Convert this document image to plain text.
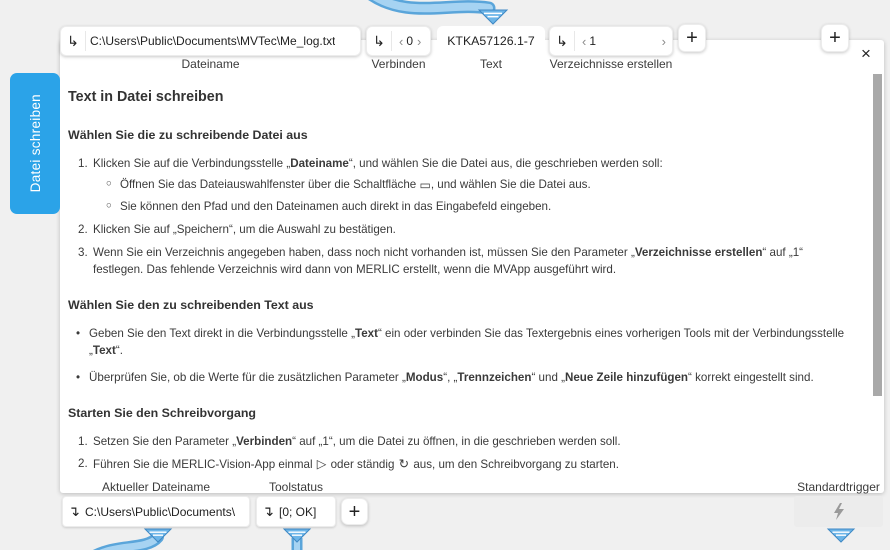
Datei schreiben Text in Datei schreiben
Wählen Sie die zu schreibende Datei aus
Klicken Sie auf die Verbindungsstelle „Dateiname“, und wählen Sie die Datei aus, die geschrieben werden soll:
○ Öffnen Sie das Dateiauswahlfenster über die Schaltfläche ▭, und wählen Sie die Datei aus.
○ Sie können den Pfad und den Dateinamen auch direkt in das Eingabefeld eingeben.
Klicken Sie auf „Speichern“, um die Auswahl zu bestätigen.
Wenn Sie ein Verzeichnis angegeben haben, dass noch nicht vorhanden ist, müssen Sie den Parameter „Verzeichnisse erstellen“ auf „1“ festlegen. Das fehlende Verzeichnis wird dann von MERLIC erstellt, wenn die MVApp ausgeführt wird.
Wählen Sie den zu schreibenden Text aus
• Geben Sie den Text direkt in die Verbindungsstelle „Text“ ein oder verbinden Sie das Textergebnis eines vorherigen Tools mit der Verbindungsstelle „Text“.
• Überprüfen Sie, ob die Werte für die zusätzlichen Parameter „Modus“, „Trennzeichen“ und „Neue Zeile hinzufügen“ korrekt eingestellt sind.
Starten Sie den Schreibvorgang
Setzen Sie den Parameter „Verbinden“ auf „1“, um die Datei zu öffnen, in die geschrieben werden soll.
Führen Sie die MERLIC-Vision-App einmal ▷ oder ständig ↻ aus, um den Schreibvorgang zu starten.
○
↳ C:\Users\Public\Documents\MVTec\Me_log.txt
Dateiname
↳	‹ 0 ›
Verbinden
KTKA57126.1-7
Text
↳	‹ 1	›
Verzeichnisse erstellen
+	+
×
Aktueller Dateiname	Toolstatus	Standardtrigger
↴ C:\Users\Public\Documents\	↴ [0; OK] +
